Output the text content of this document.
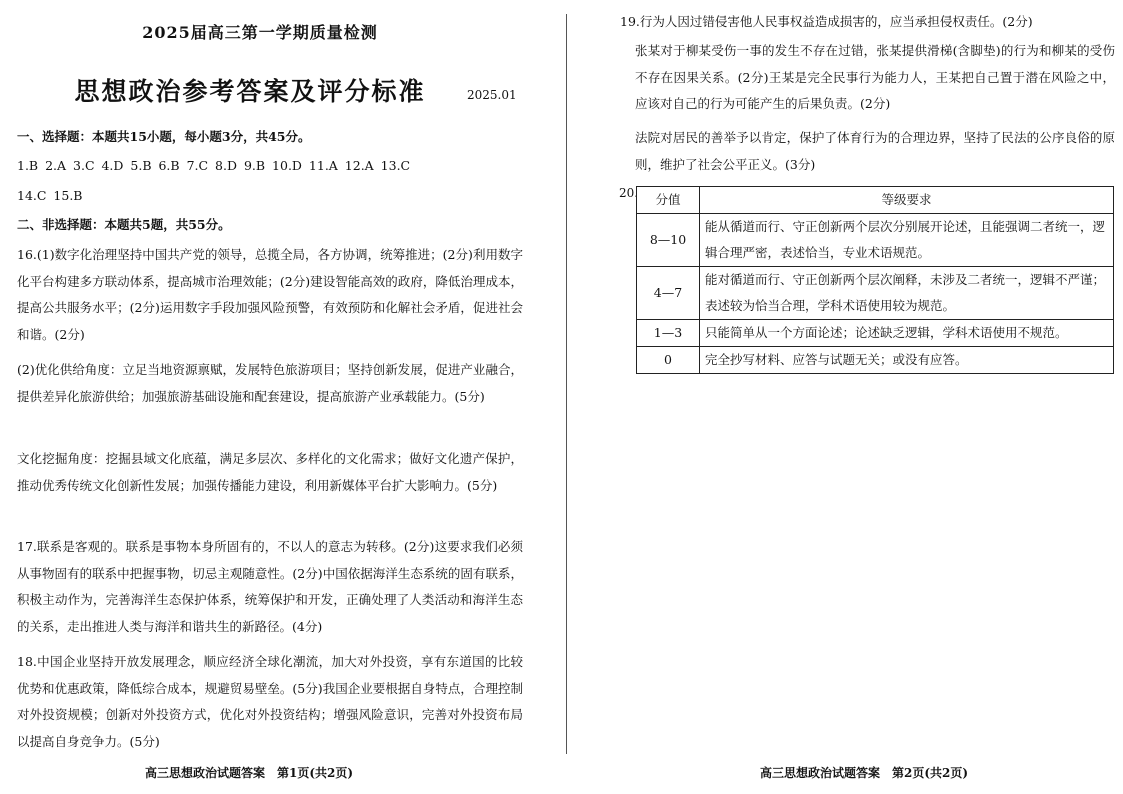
2025届高三第一学期质量检测
思想政治参考答案及评分标准	2025.01

一、选择题：本题共15小题，每小题3分，共45分。

1.B 2.A 3.C 4.D 5.B 6.B 7.C 8.D 9.B 10.D 11.A 12.A 13.C

14.C 15.B

二、非选择题：本题共5题，共55分。

16.(1)数字化治理坚持中国共产党的领导，总揽全局，各方协调，统筹推进；(2分)利用数字化平台构建多方联动体系，提高城市治理效能；(2分)建设智能高效的政府，降低治理成本，提高公共服务水平；(2分)运用数字手段加强风险预警，有效预防和化解社会矛盾，促进社会和谐。(2分)

(2)优化供给角度：立足当地资源禀赋，发展特色旅游项目；坚持创新发展，促进产业融合，提供差异化旅游供给；加强旅游基础设施和配套建设，提高旅游产业承载能力。(5分)

文化挖掘角度：挖掘县域文化底蕴，满足多层次、多样化的文化需求；做好文化遗产保护，推动优秀传统文化创新性发展；加强传播能力建设，利用新媒体平台扩大影响力。(5分)

17.联系是客观的。联系是事物本身所固有的，不以人的意志为转移。(2分)这要求我们必须从事物固有的联系中把握事物，切忌主观随意性。(2分)中国依据海洋生态系统的固有联系，积极主动作为，完善海洋生态保护体系，统筹保护和开发，正确处理了人类活动和海洋生态的关系，走出推进人类与海洋和谐共生的新路径。(4分)

18.中国企业坚持开放发展理念，顺应经济全球化潮流，加大对外投资，享有东道国的比较优势和优惠政策，降低综合成本，规避贸易壁垒。(5分)我国企业要根据自身特点，合理控制对外投资规模；创新对外投资方式，优化对外投资结构；增强风险意识，完善对外投资布局以提高自身竞争力。(5分)

高三思想政治试题答案　第1页(共2页)

19.行为人因过错侵害他人民事权益造成损害的，应当承担侵权责任。(2分)

张某对于柳某受伤一事的发生不存在过错，张某提供滑梯(含脚垫)的行为和柳某的受伤不存在因果关系。(2分)王某是完全民事行为能力人，王某把自己置于潜在风险之中，应该对自己的行为可能产生的后果负责。(2分)

法院对居民的善举予以肯定，保护了体育行为的合理边界，坚持了民法的公序良俗的原则，维护了社会公平正义。(3分)

20. 分值	等级要求
8—10	能从循道而行、守正创新两个层次分别展开论述，且能强调二者统一，逻辑合理严密，表述恰当，专业术语规范。
4—7	能对循道而行、守正创新两个层次阐释，未涉及二者统一，逻辑不严谨；表述较为恰当合理，学科术语使用较为规范。
1—3	只能简单从一个方面论述；论述缺乏逻辑，学科术语使用不规范。
0	完全抄写材料、应答与试题无关；或没有应答。
高三思想政治试题答案　第2页(共2页)
